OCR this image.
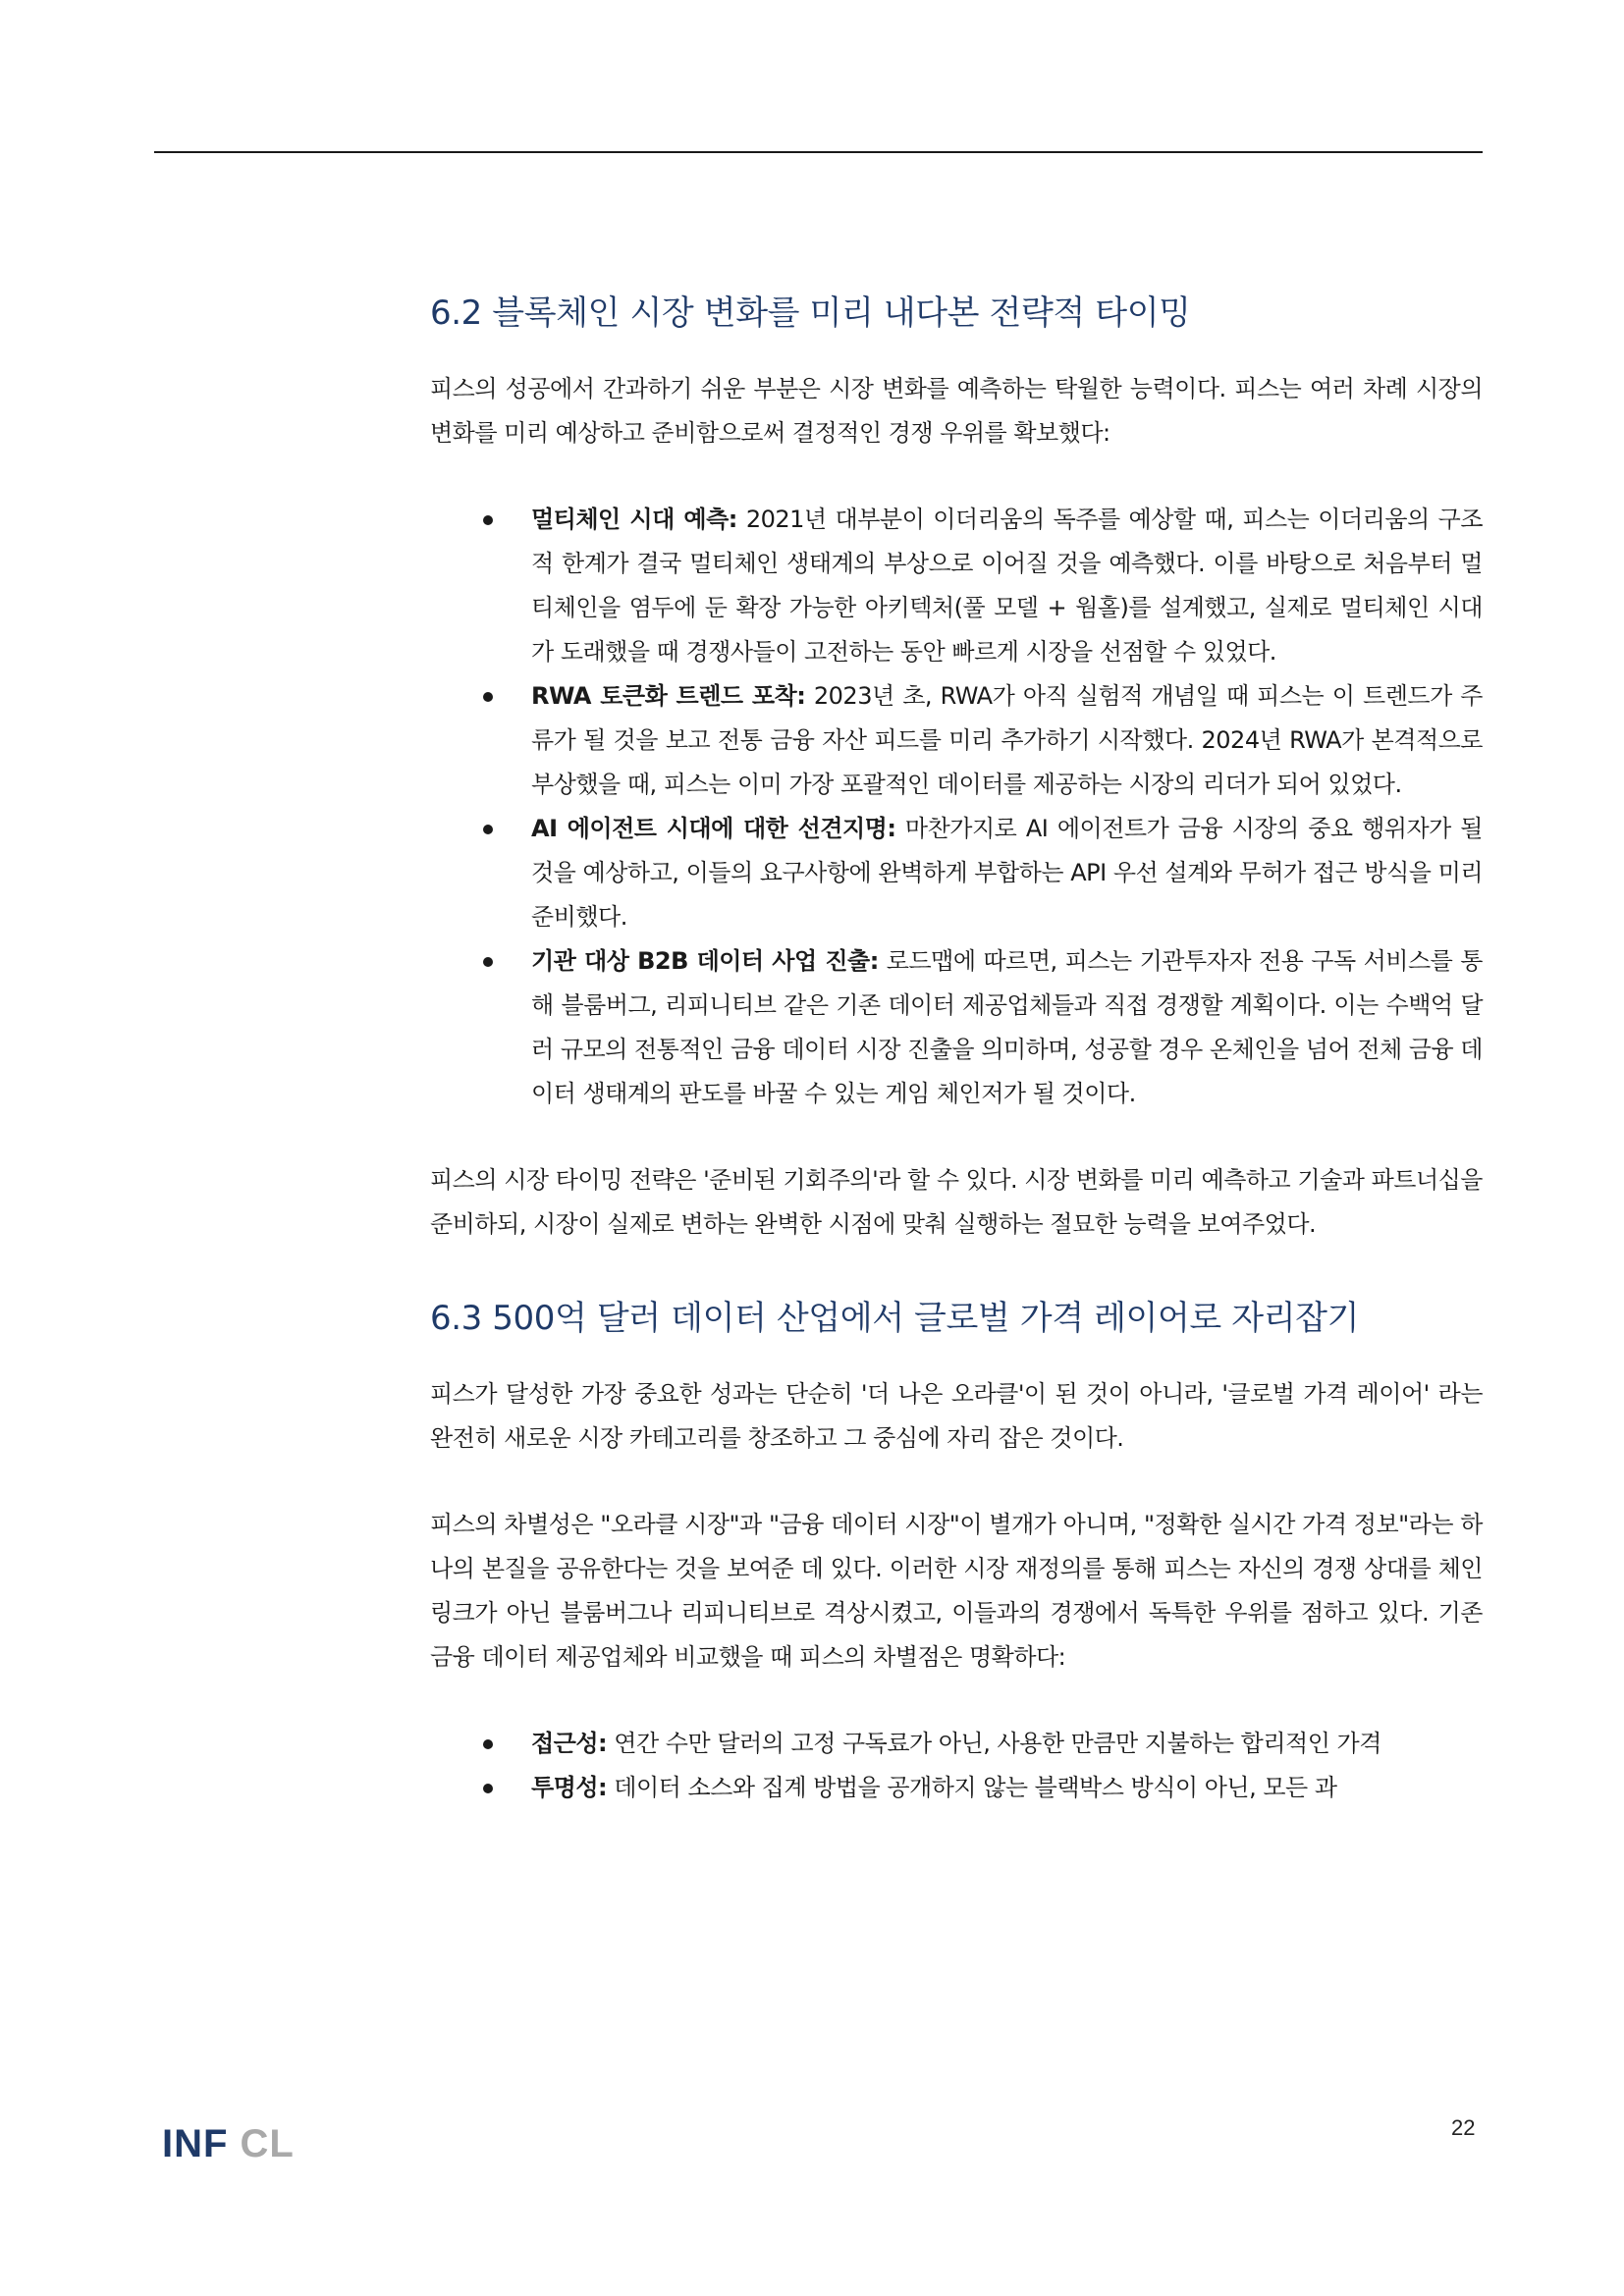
6.2 블록체인 시장 변화를 미리 내다본 전략적 타이밍

피스의 성공에서 간과하기 쉬운 부분은 시장 변화를 예측하는 탁월한 능력이다. 피스는 여러 차례 시장의 변화를 미리 예상하고 준비함으로써 결정적인 경쟁 우위를 확보했다:

멀티체인 시대 예측: 2021년 대부분이 이더리움의 독주를 예상할 때, 피스는 이더리움의 구조적 한계가 결국 멀티체인 생태계의 부상으로 이어질 것을 예측했다. 이를 바탕으로 처음부터 멀티체인을 염두에 둔 확장 가능한 아키텍처(풀 모델 + 웜홀)를 설계했고, 실제로 멀티체인 시대가 도래했을 때 경쟁사들이 고전하는 동안 빠르게 시장을 선점할 수 있었다.
RWA 토큰화 트렌드 포착: 2023년 초, RWA가 아직 실험적 개념일 때 피스는 이 트렌드가 주류가 될 것을 보고 전통 금융 자산 피드를 미리 추가하기 시작했다. 2024년 RWA가 본격적으로 부상했을 때, 피스는 이미 가장 포괄적인 데이터를 제공하는 시장의 리더가 되어 있었다.
AI 에이전트 시대에 대한 선견지명: 마찬가지로 AI 에이전트가 금융 시장의 중요 행위자가 될 것을 예상하고, 이들의 요구사항에 완벽하게 부합하는 API 우선 설계와 무허가 접근 방식을 미리 준비했다.
기관 대상 B2B 데이터 사업 진출: 로드맵에 따르면, 피스는 기관투자자 전용 구독 서비스를 통해 블룸버그, 리피니티브 같은 기존 데이터 제공업체들과 직접 경쟁할 계획이다. 이는 수백억 달러 규모의 전통적인 금융 데이터 시장 진출을 의미하며, 성공할 경우 온체인을 넘어 전체 금융 데이터 생태계의 판도를 바꿀 수 있는 게임 체인저가 될 것이다.

피스의 시장 타이밍 전략은 '준비된 기회주의'라 할 수 있다. 시장 변화를 미리 예측하고 기술과 파트너십을 준비하되, 시장이 실제로 변하는 완벽한 시점에 맞춰 실행하는 절묘한 능력을 보여주었다.

6.3 500억 달러 데이터 산업에서 글로벌 가격 레이어로 자리잡기

피스가 달성한 가장 중요한 성과는 단순히 '더 나은 오라클'이 된 것이 아니라, '글로벌 가격 레이어' 라는 완전히 새로운 시장 카테고리를 창조하고 그 중심에 자리 잡은 것이다.

피스의 차별성은 "오라클 시장"과 "금융 데이터 시장"이 별개가 아니며, "정확한 실시간 가격 정보"라는 하나의 본질을 공유한다는 것을 보여준 데 있다. 이러한 시장 재정의를 통해 피스는 자신의 경쟁 상대를 체인링크가 아닌 블룸버그나 리피니티브로 격상시켰고, 이들과의 경쟁에서 독특한 우위를 점하고 있다. 기존 금융 데이터 제공업체와 비교했을 때 피스의 차별점은 명확하다:

접근성: 연간 수만 달러의 고정 구독료가 아닌, 사용한 만큼만 지불하는 합리적인 가격
투명성: 데이터 소스와 집계 방법을 공개하지 않는 블랙박스 방식이 아닌, 모든 과
INF CL	22
